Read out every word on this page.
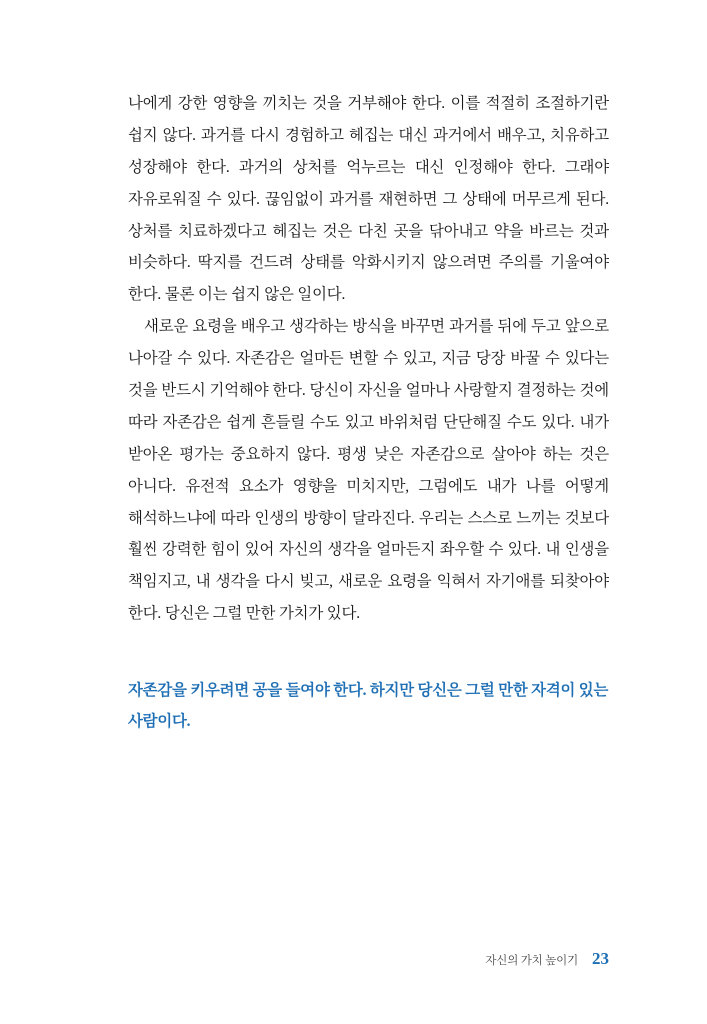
나에게 강한 영향을 끼치는 것을 거부해야 한다. 이를 적절히 조절하기란 쉽지 않다. 과거를 다시 경험하고 헤집는 대신 과거에서 배우고, 치유하고 성장해야 한다. 과거의 상처를 억누르는 대신 인정해야 한다. 그래야 자유로워질 수 있다. 끊임없이 과거를 재현하면 그 상태에 머무르게 된다. 상처를 치료하겠다고 헤집는 것은 다친 곳을 닦아내고 약을 바르는 것과 비슷하다. 딱지를 건드려 상태를 악화시키지 않으려면 주의를 기울여야 한다. 물론 이는 쉽지 않은 일이다.

새로운 요령을 배우고 생각하는 방식을 바꾸면 과거를 뒤에 두고 앞으로 나아갈 수 있다. 자존감은 얼마든 변할 수 있고, 지금 당장 바꿀 수 있다는 것을 반드시 기억해야 한다. 당신이 자신을 얼마나 사랑할지 결정하는 것에 따라 자존감은 쉽게 흔들릴 수도 있고 바위처럼 단단해질 수도 있다. 내가 받아온 평가는 중요하지 않다. 평생 낮은 자존감으로 살아야 하는 것은 아니다. 유전적 요소가 영향을 미치지만, 그럼에도 내가 나를 어떻게 해석하느냐에 따라 인생의 방향이 달라진다. 우리는 스스로 느끼는 것보다 훨씬 강력한 힘이 있어 자신의 생각을 얼마든지 좌우할 수 있다. 내 인생을 책임지고, 내 생각을 다시 빚고, 새로운 요령을 익혀서 자기애를 되찾아야 한다. 당신은 그럴 만한 가치가 있다.

자존감을 키우려면 공을 들여야 한다. 하지만 당신은 그럴 만한 자격이 있는 사람이다.

자신의 가치 높이기 23
